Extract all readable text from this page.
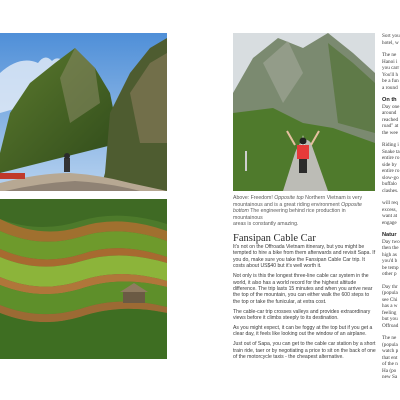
Above: Freedom! Opposite top Northern Vietnam is very
mountainous and is a great riding environment Opposite
bottom The engineering behind rice production in mountainous
areas is constantly amazing.
Fansipan Cable Car

It's not on the Offroada Vietnam itinerary, but you might be tempted to hire a bike from them afterwards and revisit Sapa. If you do, make sure you take the Fansipan Cable Car trip. It costs about US$40 but it's well worth it.

Not only is this the longest three-line cable car system in the world, it also has a world record for the highest altitude difference. The trip lasts 15 minutes and when you arrive near the top of the mountain, you can either walk the 600 steps to the top or take the funicular, at extra cost.

The cable-car trip crosses valleys and provides extraordinary views before it climbs steeply to its destination.

As you might expect, it can be foggy at the top but if you get a clear day, it feels like looking out the window of an airplane.

Just out of Sapa, you can get to the cable car station by a short train ride, taer or by negotiating a price to sit on the back of one of the motorcycle taxis - the cheapest alternative.

Sort you
hotel, w
The ne
Hanoi i
you carr
You'll h
be a fun
a round
On th
Day one
around
reached
road" at
the wee
Riding i
Snake ta
entire ro
side by
entire ro
slow-go
buffalo
clashes.
will req
excess,
want at
engage
Natur
Day two
then the
high as
you'd b
be temp
other p
Day thr
(popula
see Chi
has a w
feeling
but you
Offroad
The ne
(popula
watch p
that ent
of the n
Ha (po
new Sa
